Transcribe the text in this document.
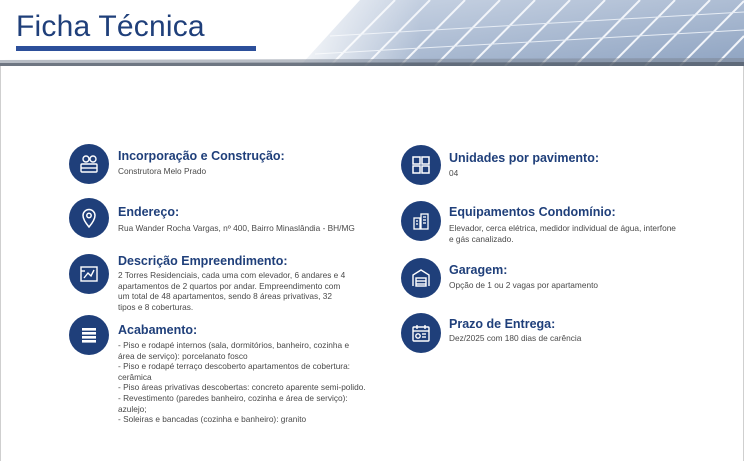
Ficha Técnica
Incorporação e Construção:
Construtora Melo Prado
Endereço:
Rua Wander Rocha Vargas, nº 400, Bairro Minaslândia - BH/MG
Descrição Empreendimento:
2 Torres Residenciais, cada uma com elevador, 6 andares e 4
apartamentos de 2 quartos por andar. Empreendimento com
um total de 48 apartamentos, sendo 8 áreas privativas, 32
tipos e 8 coberturas.
Acabamento:
- Piso e rodapé internos (sala, dormitórios, banheiro, cozinha e
área de serviço): porcelanato fosco
- Piso e rodapé terraço descoberto apartamentos de cobertura:
cerâmica
- Piso áreas privativas descobertas: concreto aparente semi-polido.
- Revestimento (paredes banheiro, cozinha e área de serviço):
azulejo;
- Soleiras e bancadas (cozinha e banheiro): granito
Unidades por pavimento:
04
Equipamentos Condomínio:
Elevador, cerca elétrica, medidor individual de água, interfone
e gás canalizado.
Garagem:
Opção de 1 ou 2 vagas por apartamento
Prazo de Entrega:
Dez/2025 com 180 dias de carência
